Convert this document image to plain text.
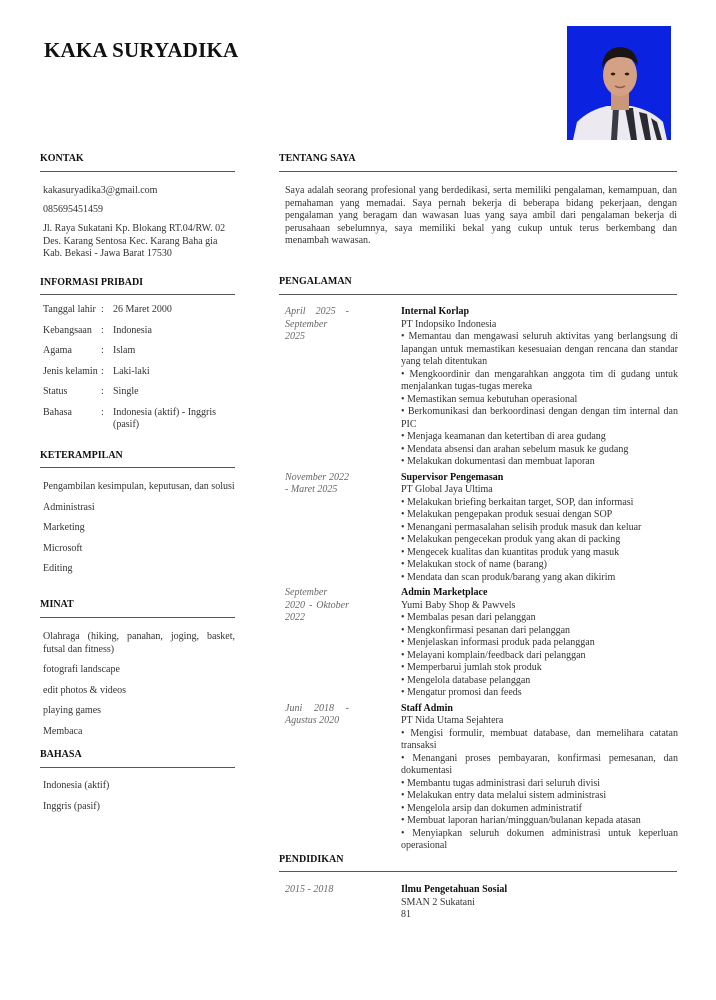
KAKA SURYADIKA
KONTAK
kakasuryadika3@gmail.com
085695451459
Jl. Raya Sukatani Kp. Blokang RT.04/RW. 02 Des. Karang Sentosa Kec. Karang Baha gia Kab. Bekasi - Jawa Barat 17530
INFORMASI PRIBADI
Tanggal lahir : 26 Maret 2000
Kebangsaan : Indonesia
Agama	: Islam
Jenis kelamin : Laki-laki
Status	: Single
Bahasa	: Indonesia (aktif) - Inggris (pasif)
KETERAMPILAN
Pengambilan kesimpulan, keputusan, dan solusi
Administrasi
Marketing
Microsoft
Editing
MINAT
Olahraga (hiking, panahan, joging, basket, futsal dan fitness)
fotografi landscape
edit photos & videos
playing games
Membaca
BAHASA
Indonesia (aktif)
Inggris (pasif)
TENTANG SAYA
Saya adalah seorang profesional yang berdedikasi, serta memiliki pengalaman, kemampuan, dan pemahaman yang memadai. Saya pernah bekerja di beberapa bidang pekerjaan, dengan pengalaman yang beragam dan wawasan luas yang saya ambil dari pengalaman bekerja di perusahaan sebelumnya, saya memiliki bekal yang cukup untuk terus berkembang dan menambah wawasan.
PENGALAMAN
April 2025 - September 2025
Internal Korlap
PT Indopsiko Indonesia
• Memantau dan mengawasi seluruh aktivitas yang berlangsung di lapangan untuk memastikan kesesuaian dengan rencana dan standar yang telah ditentukan
• Mengkoordinir dan mengarahkan anggota tim di gudang untuk menjalankan tugas-tugas mereka
• Memastikan semua kebutuhan operasional
• Berkomunikasi dan berkoordinasi dengan dengan tim internal dan PIC
• Menjaga keamanan dan ketertiban di area gudang
• Mendata absensi dan arahan sebelum masuk ke gudang
• Melakukan dokumentasi dan membuat laporan
November 2022 - Maret 2025
Supervisor Pengemasan
PT Global Jaya Ultima
• Melakukan briefing berkaitan target, SOP, dan informasi
• Melakukan pengepakan produk sesuai dengan SOP
• Menangani permasalahan selisih produk masuk dan keluar
• Melakukan pengecekan produk yang akan di packing
• Mengecek kualitas dan kuantitas produk yang masuk
• Melakukan stock of name (barang)
• Mendata dan scan produk/barang yang akan dikirim
September 2020 - Oktober 2022
Admin Marketplace
Yumi Baby Shop & Pawvels
• Membalas pesan dari pelanggan
• Mengkonfirmasi pesanan dari pelanggan
• Menjelaskan informasi produk pada pelanggan
• Melayani komplain/feedback dari pelanggan
• Memperbarui jumlah stok produk
• Mengelola database pelanggan
• Mengatur promosi dan feeds
Juni 2018 - Agustus 2020
Staff Admin
PT Nida Utama Sejahtera
• Mengisi formulir, membuat database, dan memelihara catatan transaksi
• Menangani proses pembayaran, konfirmasi pemesanan, dan dokumentasi
• Membantu tugas administrasi dari seluruh divisi
• Melakukan entry data melalui sistem administrasi
• Mengelola arsip dan dokumen administratif
• Membuat laporan harian/mingguan/bulanan kepada atasan
• Menyiapkan seluruh dokumen administrasi untuk keperluan operasional
PENDIDIKAN
2015 - 2018	Ilmu Pengetahuan Sosial
SMAN 2 Sukatani
81
